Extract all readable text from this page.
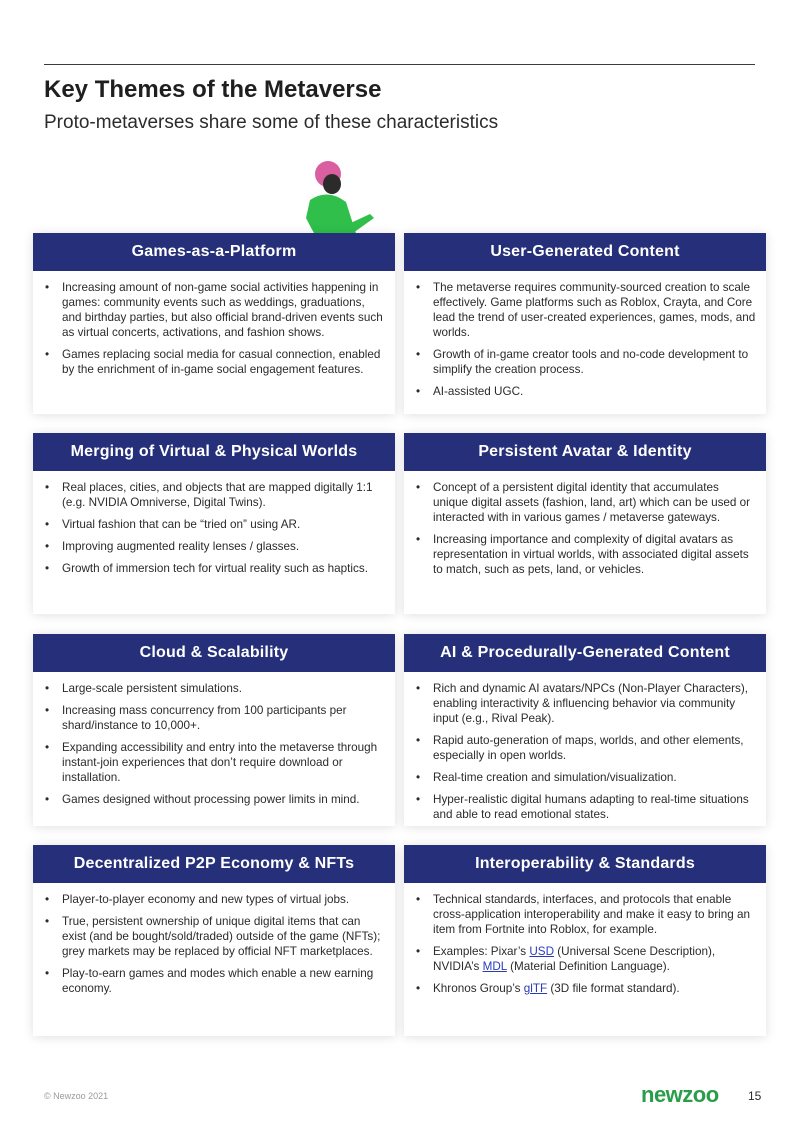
Key Themes of the Metaverse

Proto-metaverses share some of these characteristics

Games-as-a-Platform
• Increasing amount of non-game social activities happening in games: community events such as weddings, graduations, and birthday parties, but also official brand-driven events such as virtual concerts, activations, and fashion shows.
• Games replacing social media for casual connection, enabled by the enrichment of in-game social engagement features.
User-Generated Content
• The metaverse requires community-sourced creation to scale effectively. Game platforms such as Roblox, Crayta, and Core lead the trend of user-created experiences, games, mods, and worlds.
• Growth of in-game creator tools and no-code development to simplify the creation process.
• AI-assisted UGC.
Merging of Virtual & Physical Worlds
• Real places, cities, and objects that are mapped digitally 1:1 (e.g. NVIDIA Omniverse, Digital Twins).
• Virtual fashion that can be “tried on” using AR.
• Improving augmented reality lenses / glasses.
• Growth of immersion tech for virtual reality such as haptics.
Persistent Avatar & Identity
• Concept of a persistent digital identity that accumulates unique digital assets (fashion, land, art) which can be used or interacted with in various games / metaverse gateways.
• Increasing importance and complexity of digital avatars as representation in virtual worlds, with associated digital assets to match, such as pets, land, or vehicles.
Cloud & Scalability
• Large-scale persistent simulations.
• Increasing mass concurrency from 100 participants per shard/instance to 10,000+.
• Expanding accessibility and entry into the metaverse through instant-join experiences that don’t require download or installation.
• Games designed without processing power limits in mind.
AI & Procedurally-Generated Content
• Rich and dynamic AI avatars/NPCs (Non-Player Characters), enabling interactivity & influencing behavior via community input (e.g., Rival Peak).
• Rapid auto-generation of maps, worlds, and other elements, especially in open worlds.
• Real-time creation and simulation/visualization.
• Hyper-realistic digital humans adapting to real-time situations and able to read emotional states.
Decentralized P2P Economy & NFTs
• Player-to-player economy and new types of virtual jobs.
• True, persistent ownership of unique digital items that can exist (and be bought/sold/traded) outside of the game (NFTs); grey markets may be replaced by official NFT marketplaces.
• Play-to-earn games and modes which enable a new earning economy.
Interoperability & Standards
• Technical standards, interfaces, and protocols that enable cross-application interoperability and make it easy to bring an item from Fortnite into Roblox, for example.
• Examples: Pixar’s USD (Universal Scene Description), NVIDIA’s MDL (Material Definition Language).
• Khronos Group’s glTF (3D file format standard).
© Newzoo 2021	newzoo 15
